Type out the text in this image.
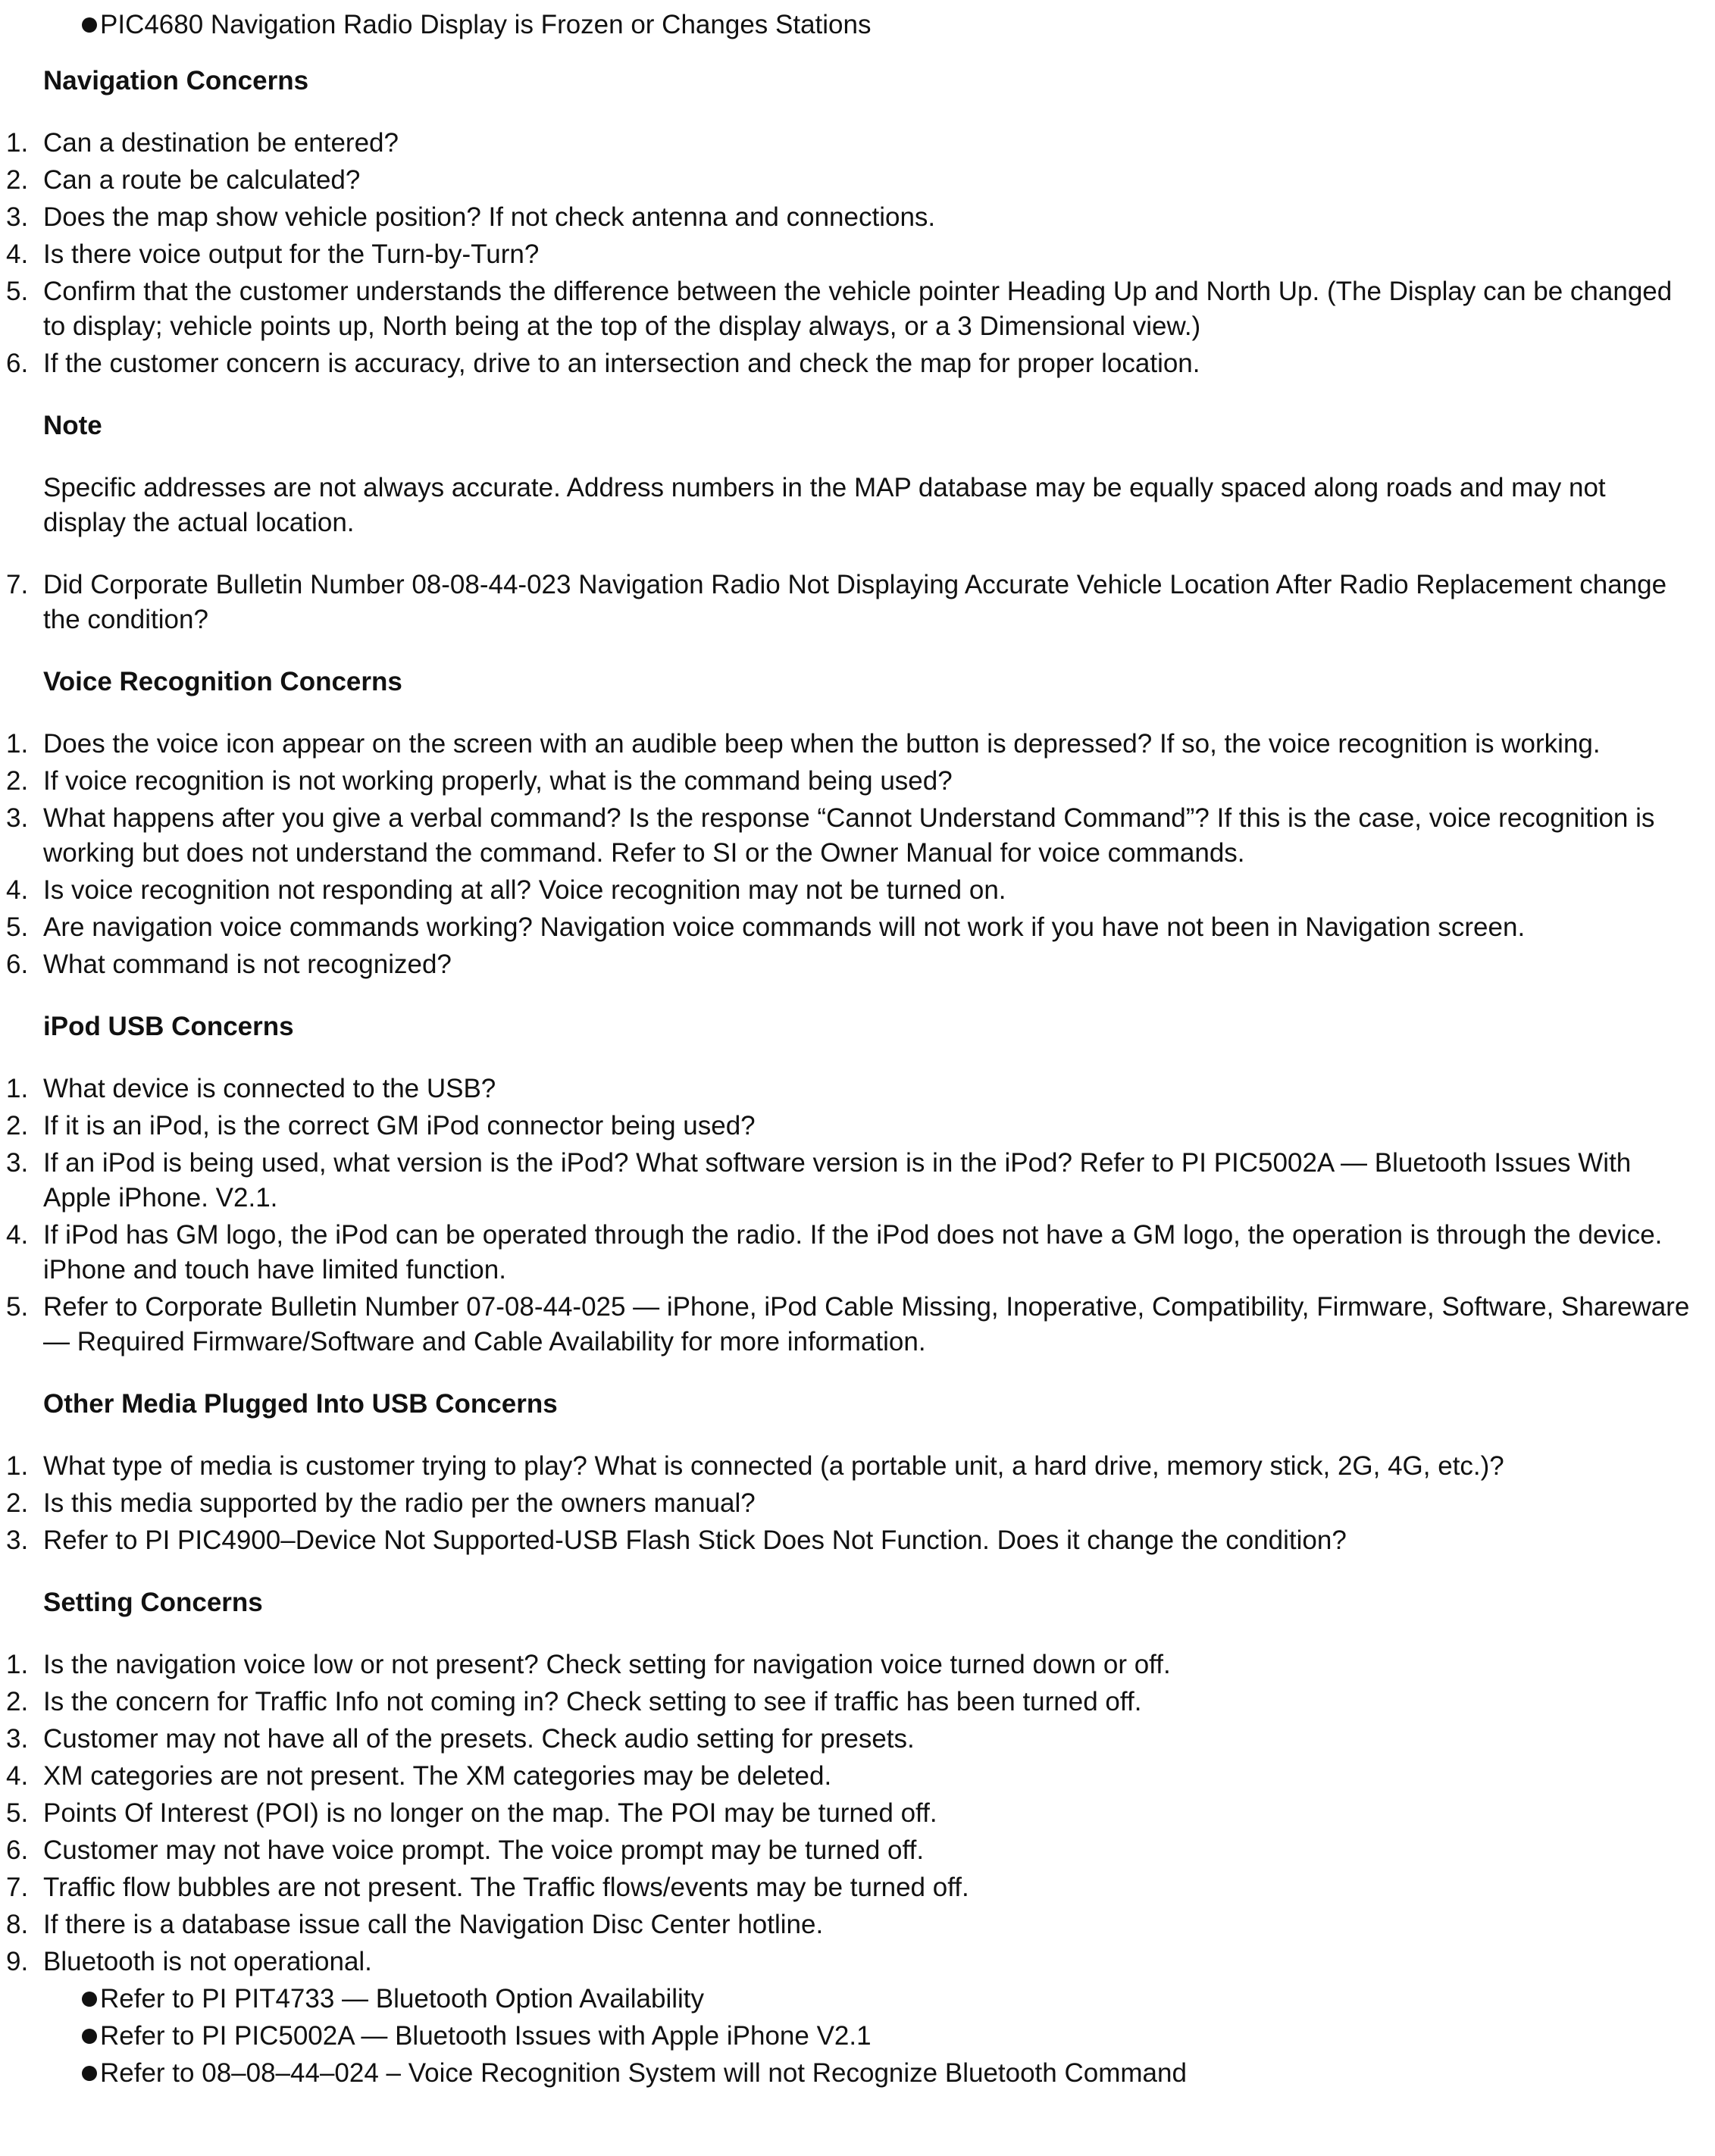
PIC4680 Navigation Radio Display is Frozen or Changes Stations
Navigation Concerns
1. Can a destination be entered?
2. Can a route be calculated?
3. Does the map show vehicle position? If not check antenna and connections.
4. Is there voice output for the Turn-by-Turn?
5. Confirm that the customer understands the difference between the vehicle pointer Heading Up and North Up. (The Display can be changed to display; vehicle points up, North being at the top of the display always, or a 3 Dimensional view.)
6. If the customer concern is accuracy, drive to an intersection and check the map for proper location.
Note
Specific addresses are not always accurate. Address numbers in the MAP database may be equally spaced along roads and may not display the actual location.
7. Did Corporate Bulletin Number 08-08-44-023 Navigation Radio Not Displaying Accurate Vehicle Location After Radio Replacement change the condition?
Voice Recognition Concerns
1. Does the voice icon appear on the screen with an audible beep when the button is depressed? If so, the voice recognition is working.
2. If voice recognition is not working properly, what is the command being used?
3. What happens after you give a verbal command? Is the response “Cannot Understand Command”? If this is the case, voice recognition is working but does not understand the command. Refer to SI or the Owner Manual for voice commands.
4. Is voice recognition not responding at all? Voice recognition may not be turned on.
5. Are navigation voice commands working? Navigation voice commands will not work if you have not been in Navigation screen.
6. What command is not recognized?
iPod USB Concerns
1. What device is connected to the USB?
2. If it is an iPod, is the correct GM iPod connector being used?
3. If an iPod is being used, what version is the iPod? What software version is in the iPod? Refer to PI PIC5002A — Bluetooth Issues With Apple iPhone. V2.1.
4. If iPod has GM logo, the iPod can be operated through the radio. If the iPod does not have a GM logo, the operation is through the device. iPhone and touch have limited function.
5. Refer to Corporate Bulletin Number 07-08-44-025 — iPhone, iPod Cable Missing, Inoperative, Compatibility, Firmware, Software, Shareware — Required Firmware/Software and Cable Availability for more information.
Other Media Plugged Into USB Concerns
1. What type of media is customer trying to play? What is connected (a portable unit, a hard drive, memory stick, 2G, 4G, etc.)?
2. Is this media supported by the radio per the owners manual?
3. Refer to PI PIC4900–Device Not Supported-USB Flash Stick Does Not Function. Does it change the condition?
Setting Concerns
1. Is the navigation voice low or not present? Check setting for navigation voice turned down or off.
2. Is the concern for Traffic Info not coming in? Check setting to see if traffic has been turned off.
3. Customer may not have all of the presets. Check audio setting for presets.
4. XM categories are not present. The XM categories may be deleted.
5. Points Of Interest (POI) is no longer on the map. The POI may be turned off.
6. Customer may not have voice prompt. The voice prompt may be turned off.
7. Traffic flow bubbles are not present. The Traffic flows/events may be turned off.
8. If there is a database issue call the Navigation Disc Center hotline.
9. Bluetooth is not operational.
Refer to PI PIT4733 — Bluetooth Option Availability
Refer to PI PIC5002A — Bluetooth Issues with Apple iPhone V2.1
Refer to 08–08–44–024 – Voice Recognition System will not Recognize Bluetooth Command
